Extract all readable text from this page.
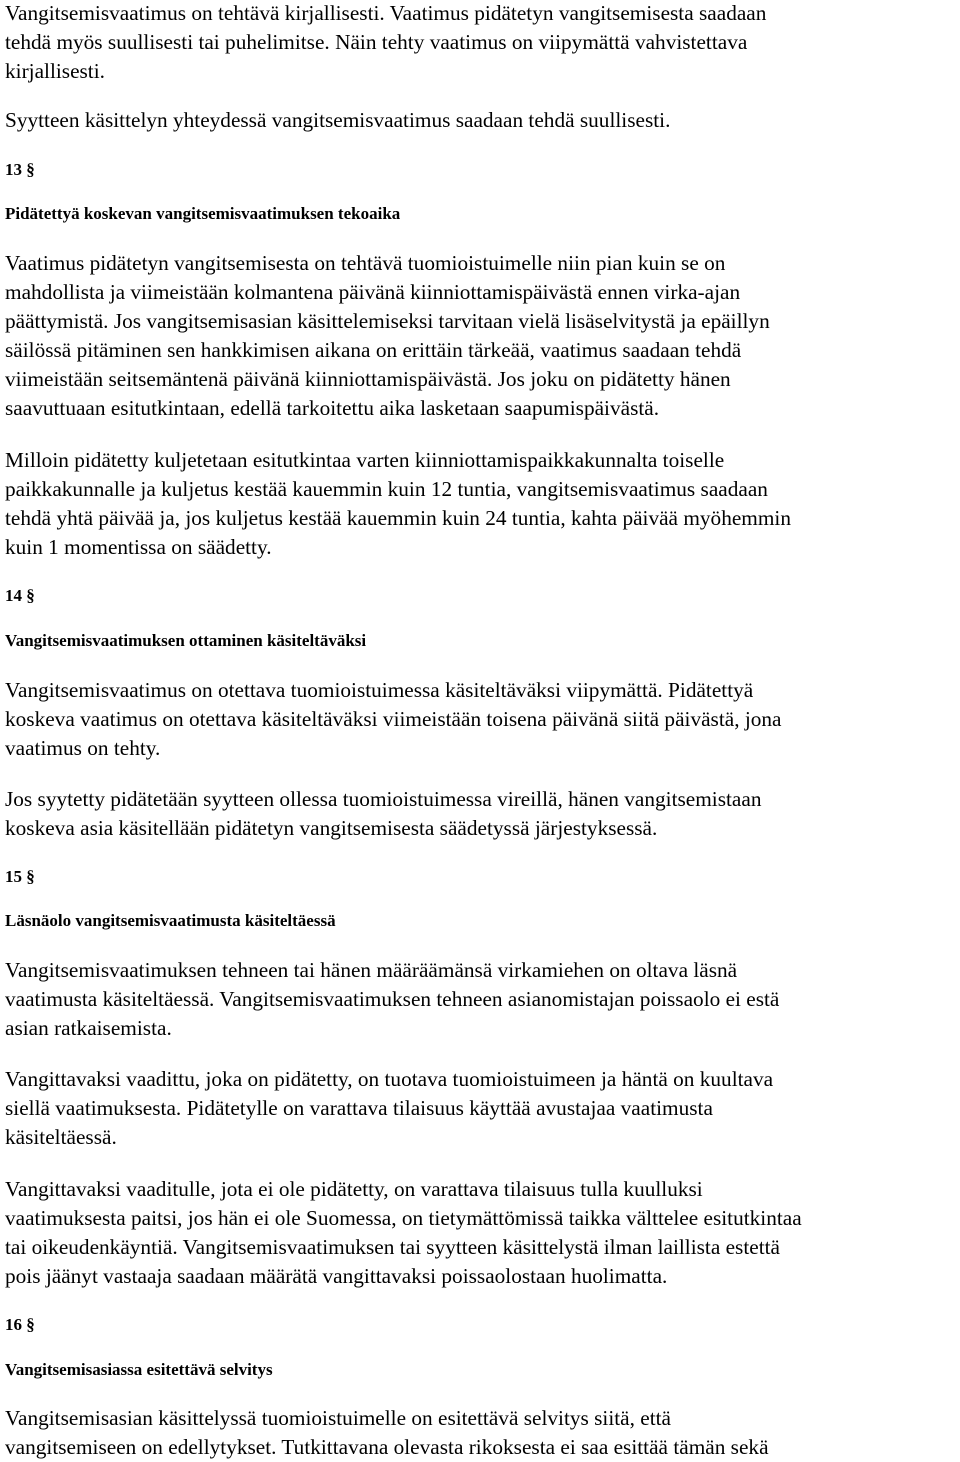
Vangitsemisvaatimus on tehtävä kirjallisesti. Vaatimus pidätetyn vangitsemisesta saadaan
tehdä myös suullisesti tai puhelimitse. Näin tehty vaatimus on viipymättä vahvistettava
kirjallisesti.
Syytteen käsittelyn yhteydessä vangitsemisvaatimus saadaan tehdä suullisesti.
13 §
Pidätettyä koskevan vangitsemisvaatimuksen tekoaika
Vaatimus pidätetyn vangitsemisesta on tehtävä tuomioistuimelle niin pian kuin se on
mahdollista ja viimeistään kolmantena päivänä kiinniottamispäivästä ennen virka-ajan
päättymistä. Jos vangitsemisasian käsittelemiseksi tarvitaan vielä lisäselvitystä ja epäillyn
säilössä pitäminen sen hankkimisen aikana on erittäin tärkeää, vaatimus saadaan tehdä
viimeistään seitsemäntenä päivänä kiinniottamispäivästä. Jos joku on pidätetty hänen
saavuttuaan esitutkintaan, edellä tarkoitettu aika lasketaan saapumispäivästä.
Milloin pidätetty kuljetetaan esitutkintaa varten kiinniottamispaikkakunnalta toiselle
paikkakunnalle ja kuljetus kestää kauemmin kuin 12 tuntia, vangitsemisvaatimus saadaan
tehdä yhtä päivää ja, jos kuljetus kestää kauemmin kuin 24 tuntia, kahta päivää myöhemmin
kuin 1 momentissa on säädetty.
14 §
Vangitsemisvaatimuksen ottaminen käsiteltäväksi
Vangitsemisvaatimus on otettava tuomioistuimessa käsiteltäväksi viipymättä. Pidätettyä
koskeva vaatimus on otettava käsiteltäväksi viimeistään toisena päivänä siitä päivästä, jona
vaatimus on tehty.
Jos syytetty pidätetään syytteen ollessa tuomioistuimessa vireillä, hänen vangitsemistaan
koskeva asia käsitellään pidätetyn vangitsemisesta säädetyssä järjestyksessä.
15 §
Läsnäolo vangitsemisvaatimusta käsiteltäessä
Vangitsemisvaatimuksen tehneen tai hänen määräämänsä virkamiehen on oltava läsnä
vaatimusta käsiteltäessä. Vangitsemisvaatimuksen tehneen asianomistajan poissaolo ei estä
asian ratkaisemista.
Vangittavaksi vaadittu, joka on pidätetty, on tuotava tuomioistuimeen ja häntä on kuultava
siellä vaatimuksesta. Pidätetylle on varattava tilaisuus käyttää avustajaa vaatimusta
käsiteltäessä.
Vangittavaksi vaaditulle, jota ei ole pidätetty, on varattava tilaisuus tulla kuulluksi
vaatimuksesta paitsi, jos hän ei ole Suomessa, on tietymättömissä taikka välttelee esitutkintaa
tai oikeudenkäyntiä. Vangitsemisvaatimuksen tai syytteen käsittelystä ilman laillista estettä
pois jäänyt vastaaja saadaan määrätä vangittavaksi poissaolostaan huolimatta.
16 §
Vangitsemisasiassa esitettävä selvitys
Vangitsemisasian käsittelyssä tuomioistuimelle on esitettävä selvitys siitä, että
vangitsemiseen on edellytykset. Tutkittavana olevasta rikoksesta ei saa esittää tämän sekä
